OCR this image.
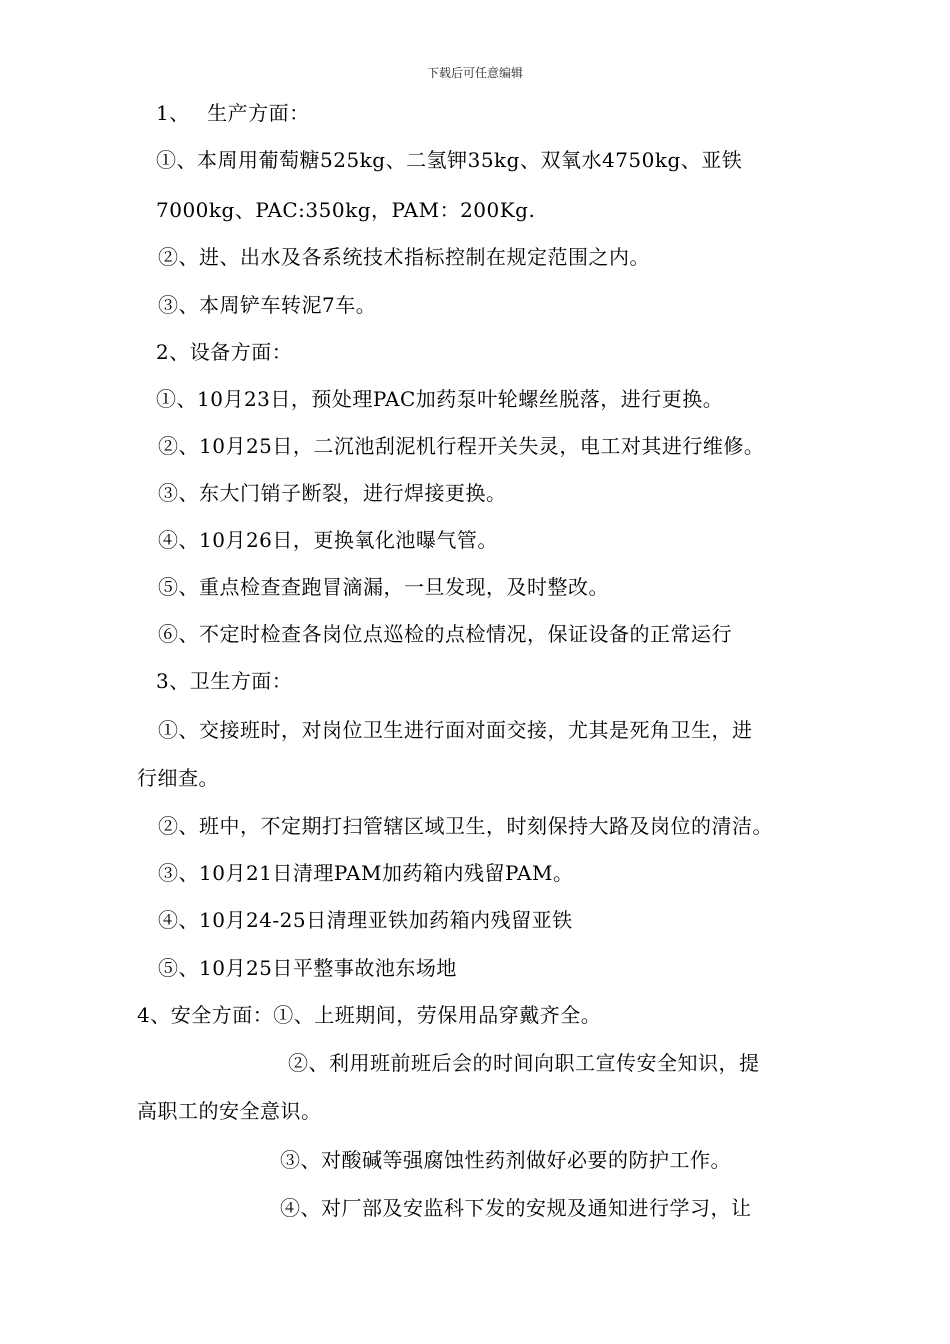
下载后可任意编辑
1、　 生产方面：
①、本周用葡萄糖525kg、二氢钾35kg、双氧水4750kg、亚铁
7000kg、PAC:350kg，PAM：200Kg.
②、进、出水及各系统技术指标控制在规定范围之内。
③、本周铲车转泥7车。
2、设备方面：
①、10月23日，预处理PAC加药泵叶轮螺丝脱落，进行更换。
②、10月25日，二沉池刮泥机行程开关失灵，电工对其进行维修。
③、东大门销子断裂，进行焊接更换。
④、10月26日，更换氧化池曝气管。
⑤、重点检查查跑冒滴漏，一旦发现，及时整改。
⑥、不定时检查各岗位点巡检的点检情况，保证设备的正常运行
3、卫生方面：
①、交接班时，对岗位卫生进行面对面交接，尤其是死角卫生，进
行细查。
②、班中，不定期打扫管辖区域卫生，时刻保持大路及岗位的清洁。
③、10月21日清理PAM加药箱内残留PAM。
④、10月24-25日清理亚铁加药箱内残留亚铁
⑤、10月25日平整事故池东场地
4、安全方面：①、上班期间，劳保用品穿戴齐全。
②、利用班前班后会的时间向职工宣传安全知识，提
高职工的安全意识。
③、对酸碱等强腐蚀性药剂做好必要的防护工作。
④、对厂部及安监科下发的安规及通知进行学习，让
